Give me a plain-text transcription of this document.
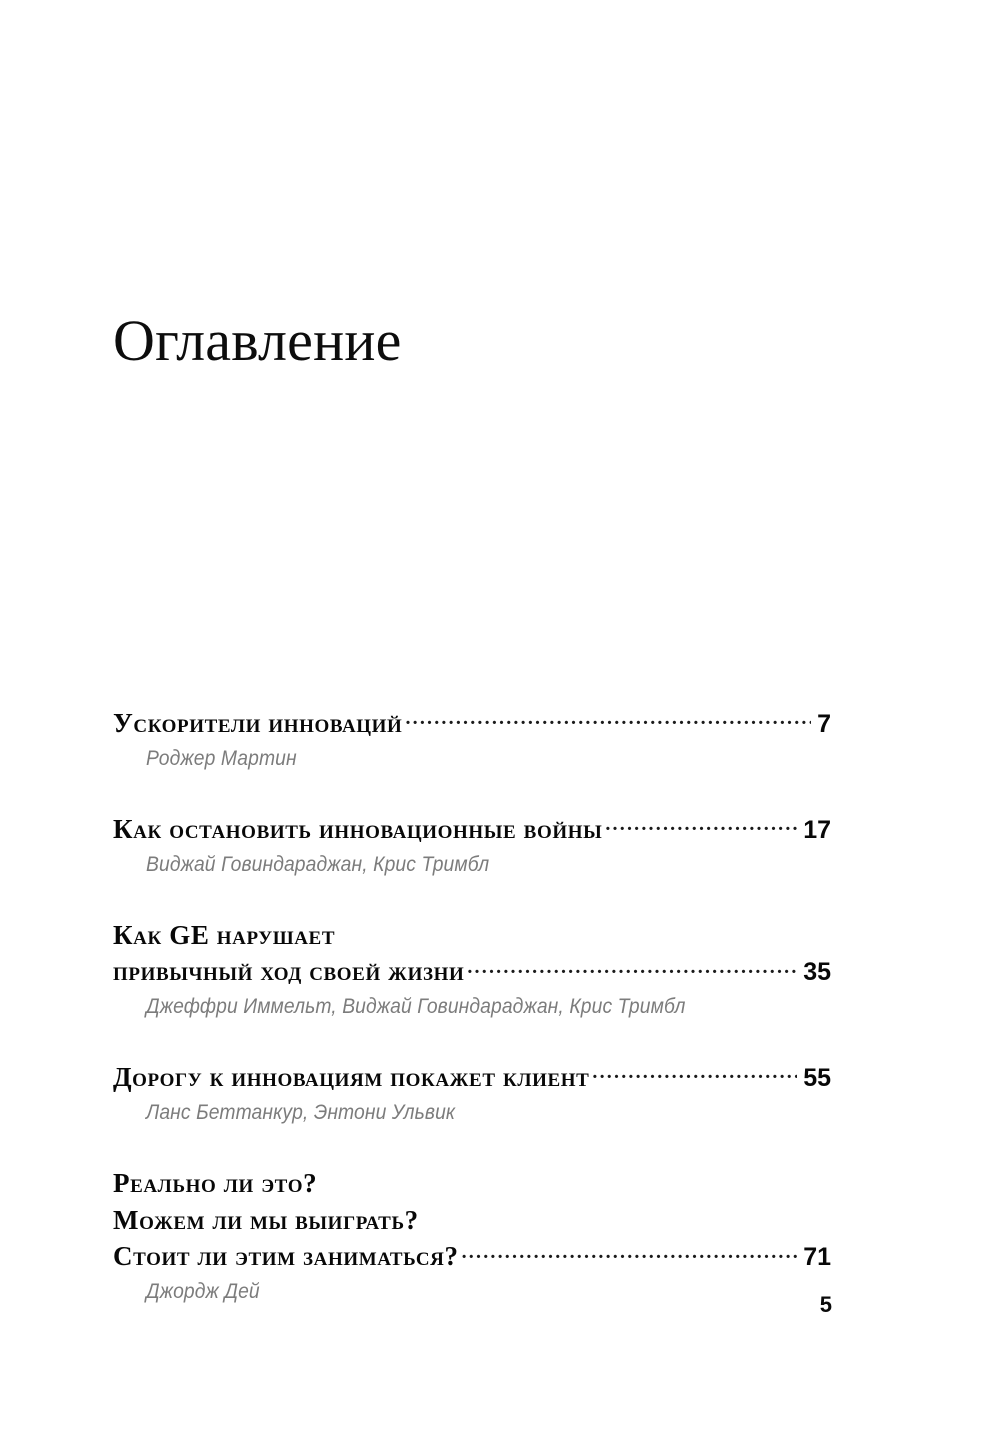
Оглавление
Ускорители инноваций .....	7
Роджер Мартин
Как остановить инновационные войны .....	17
Виджай Говиндараджан, Крис Тримбл
Как GE нарушает
привычный ход своей жизни .....	35
Джеффри Иммельт, Виджай Говиндараджан, Крис Тримбл
Дорогу к инновациям покажет клиент .....	55
Ланс Беттанкур, Энтони Ульвик
Реально ли это?
Можем ли мы выиграть?
Стоит ли этим заниматься? .....	71
Джордж Дей
5
